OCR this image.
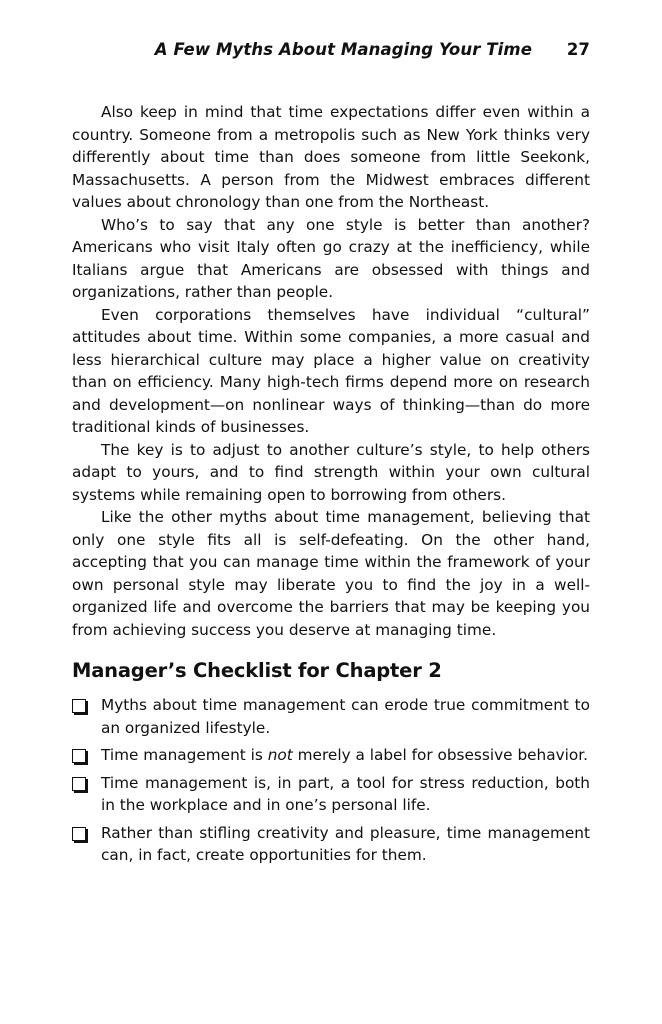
A Few Myths About Managing Your Time 27

Also keep in mind that time expectations differ even within a country. Someone from a metropolis such as New York thinks very differently about time than does someone from little Seekonk, Massachusetts. A person from the Midwest embraces different values about chronology than one from the Northeast.

Who’s to say that any one style is better than another? Americans who visit Italy often go crazy at the inefficiency, while Italians argue that Americans are obsessed with things and organizations, rather than people.

Even corporations themselves have individual “cultural” attitudes about time. Within some companies, a more casual and less hierarchical culture may place a higher value on creativity than on efficiency. Many high-tech firms depend more on research and development—on nonlinear ways of thinking—than do more traditional kinds of businesses.

The key is to adjust to another culture’s style, to help others adapt to yours, and to find strength within your own cultural systems while remaining open to borrowing from others.

Like the other myths about time management, believing that only one style fits all is self-defeating. On the other hand, accepting that you can manage time within the framework of your own personal style may liberate you to find the joy in a well-organized life and overcome the barriers that may be keeping you from achieving success you deserve at managing time.

Manager’s Checklist for Chapter 2
Myths about time management can erode true commitment to an organized lifestyle.
Time management is not merely a label for obsessive behavior.
Time management is, in part, a tool for stress reduction, both in the workplace and in one’s personal life.
Rather than stifling creativity and pleasure, time management can, in fact, create opportunities for them.
